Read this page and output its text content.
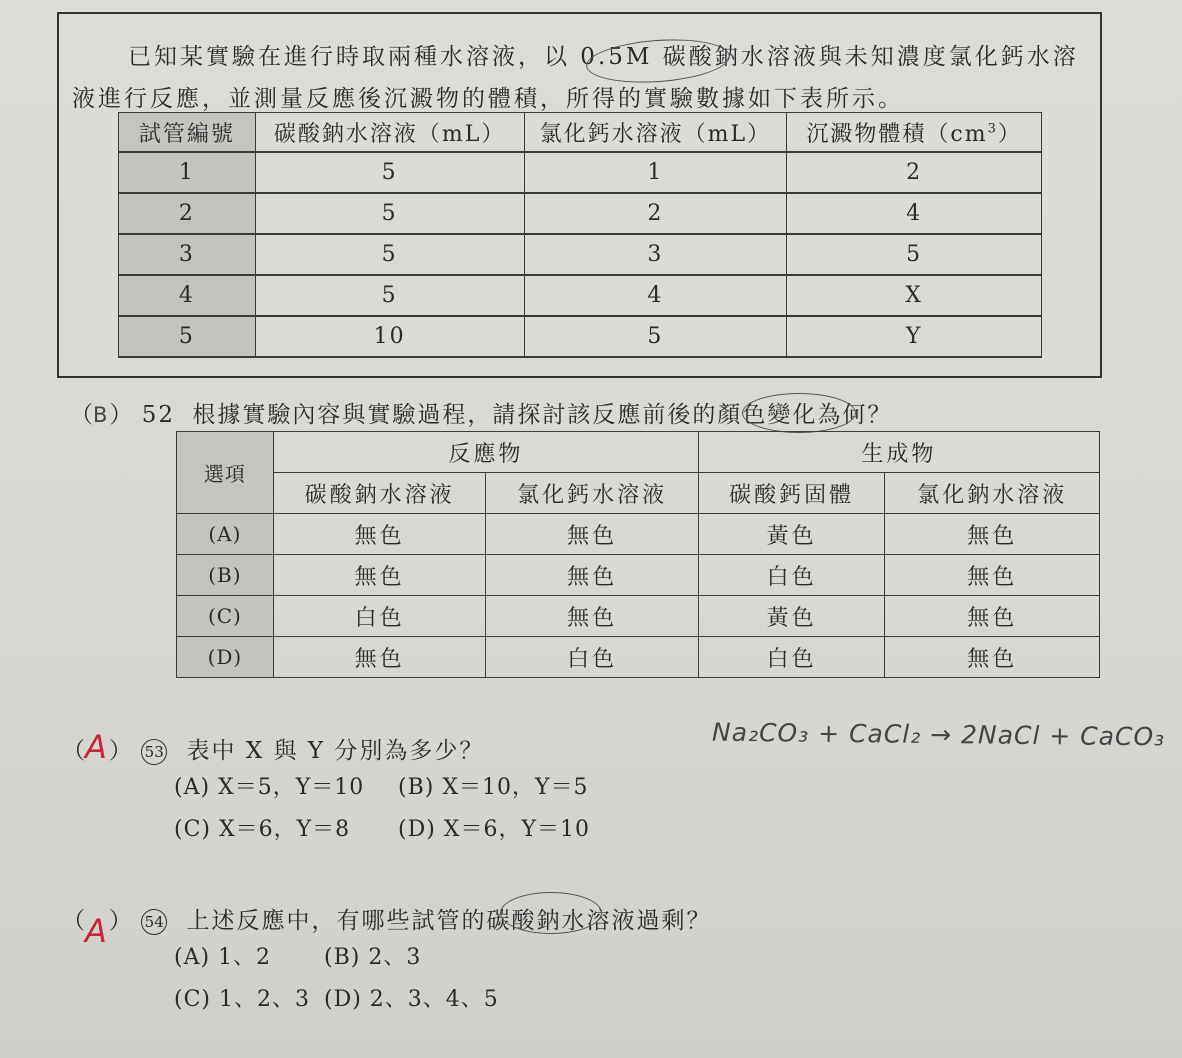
已知某實驗在進行時取兩種水溶液，以 0.5M 碳酸鈉水溶液與未知濃度氯化鈣水溶液進行反應，並測量反應後沉澱物的體積，所得的實驗數據如下表所示。
試管編號	碳酸鈉水溶液（mL）	氯化鈣水溶液（mL）	沉澱物體積$(cm^3)$
1	5	1	2
2	5	2	4
3	5	3	5
4	5	4	X
5	10	5	Y
（B） 52 根據實驗內容與實驗過程，請探討該反應前後的顏色變化為何？
選項	反應物		生成物	
	碳酸鈉水溶液	氯化鈣水溶液	碳酸鈣固體	氯化鈉水溶液
(A)	無色	無色	黃色	無色
(B)	無色	無色	白色	無色
(C)	白色	無色	黃色	無色
(D)	無色	白色	白色	無色
（A） 53 表中 X 與 Y 分別為多少？	Na₂CO₃ + CaCl₂ → 2NaCl + CaCO₃
(A) X＝5，Y＝10 (B) X＝10，Y＝5
(C) X＝6，Y＝8 (D) X＝6，Y＝10
（A） 54 上述反應中，有哪些試管的碳酸鈉水溶液過剩？
(A) 1、2 (B) 2、3
(C) 1、2、3 (D) 2、3、4、5
